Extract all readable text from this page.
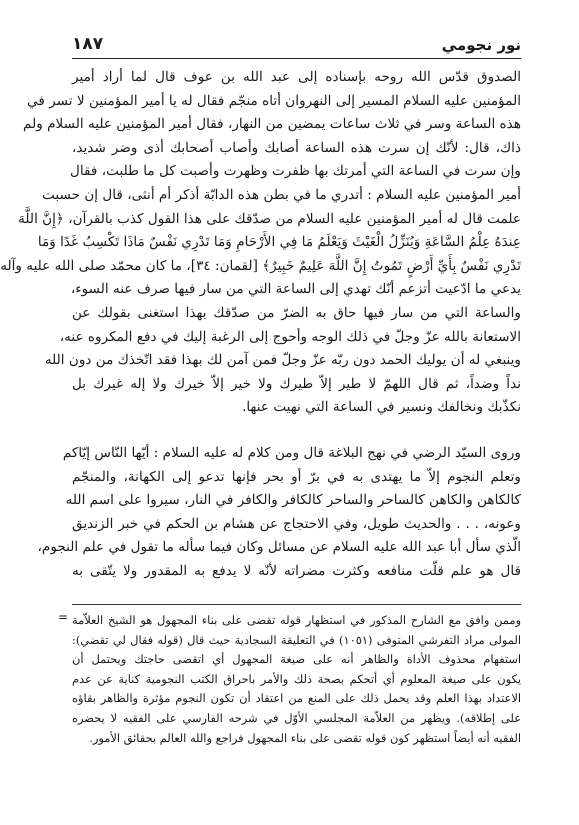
نور نجومي
١٨٧
الصدوق قدّس الله روحه بإسناده إلى عبد الله بن عوف قال لما أراد أمير
المؤمنين عليه السلام المسير إلى النهروان أتاه منجّم فقال له يا أمير المؤمنين لا تسر في
هذه الساعة وسر في ثلاث ساعات يمضين من النهار، فقال أمير المؤمنين عليه السلام ولم
ذاك، قال: لأنّك إن سرت هذه الساعة أصابك وأصاب أصحابك أذى وضر شديد،
وإن سرت في الساعة التي أمرتك بها ظفرت وظهرت وأصبت كل ما طلبت، فقال
أمير المؤمنين عليه السلام : أتدري ما في بطن هذه الدابّة أذكر أم أنثى، قال إن حسبت
علمت قال له أمير المؤمنين عليه السلام من صدّقك على هذا القول كذب بالقرآن، ﴿إِنَّ اللَّهَ
عِندَهُ عِلْمُ السَّاعَةِ وَيُنَزِّلُ الْغَيْثَ وَيَعْلَمُ مَا فِي الأَرْحَامِ وَمَا تَدْرِي نَفْسٌ مَاذَا تَكْسِبُ غَدًا وَمَا
تَدْرِي نَفْسٌ بِأَيِّ أَرْضٍ تَمُوتُ إِنَّ اللَّهَ عَلِيمٌ خَبِيرٌ﴾ [لقمان: ٣٤]، ما كان محمّد صلى الله عليه وآله
يدعي ما ادّعيت أتزعم أنّك تهدي إلى الساعة التي من سار فيها صرف عنه السوء،
والساعة التي من سار فيها حاق به الضرّ من صدّقك بهذا استغنى بقولك عن
الاستعانة بالله عزّ وجلّ في ذلك الوجه وأحوج إلى الرغبة إليك في دفع المكروه عنه،
وينبغي له أن يوليك الحمد دون ربّه عزّ وجلّ فمن آمن لك بهذا فقد اتّخذك من دون الله
نداً وضداً، ثم قال اللهمّ لا طير إلاّ طيرك ولا خير إلاّ خيرك ولا إله غيرك بل
نكذّبك ونخالفك ونسير في الساعة التي نهيت عنها.
وروى السيّد الرضي في نهج البلاغة قال ومن كلام له عليه السلام : أيّها النّاس إيّاكم
وتعلم النجوم إلاّ ما يهتدى به في برّ أو بحر فإنها تدعو إلى الكهانة، والمنجّم
كالكاهن والكاهن كالساحر والساحر كالكافر والكافر في النار، سيروا على اسم الله
وعونه، . . . والحديث طويل، وفي الاحتجاج عن هشام بن الحكم في خبر الزنديق
الّذي سأل أبا عبد الله عليه السلام عن مسائل وكان فيما سأله ما تقول في علم النجوم،
قال هو علم قلّت منافعه وكثرت مضراته لأنّه لا يدفع به المقدور ولا يتّقى به
= وممن وافق مع الشارح المذكور في استظهار قوله تقضى على بناء المجهول هو الشيخ العلاّمة
المولى مراد التفرشي المتوفى (١٠٥١) في التعليقة السجادية حيث قال (قوله فقال لي تقضي):
استفهام محذوف الأداة والظاهر أنه على صيغة المجهول أي اتقضى حاجتك ويحتمل أن
يكون على صيغة المعلوم أي أتحكم بصحة ذلك والأمر باحراق الكتب النجومية كناية عن عدم
الاعتداد بهذا العلم وقد يحمل ذلك على المنع من اعتقاد أن تكون النجوم مؤثرة والظاهر بقاؤه
على إطلاقه). ويظهر من العلاّمة المجلسي الأوّل في شرحه الفارسي على الفقيه لا يحضره
الفقيه أنه أيضاً استظهر كون قوله تقضى على بناء المجهول فراجع والله العالم بحقائق الأمور.
